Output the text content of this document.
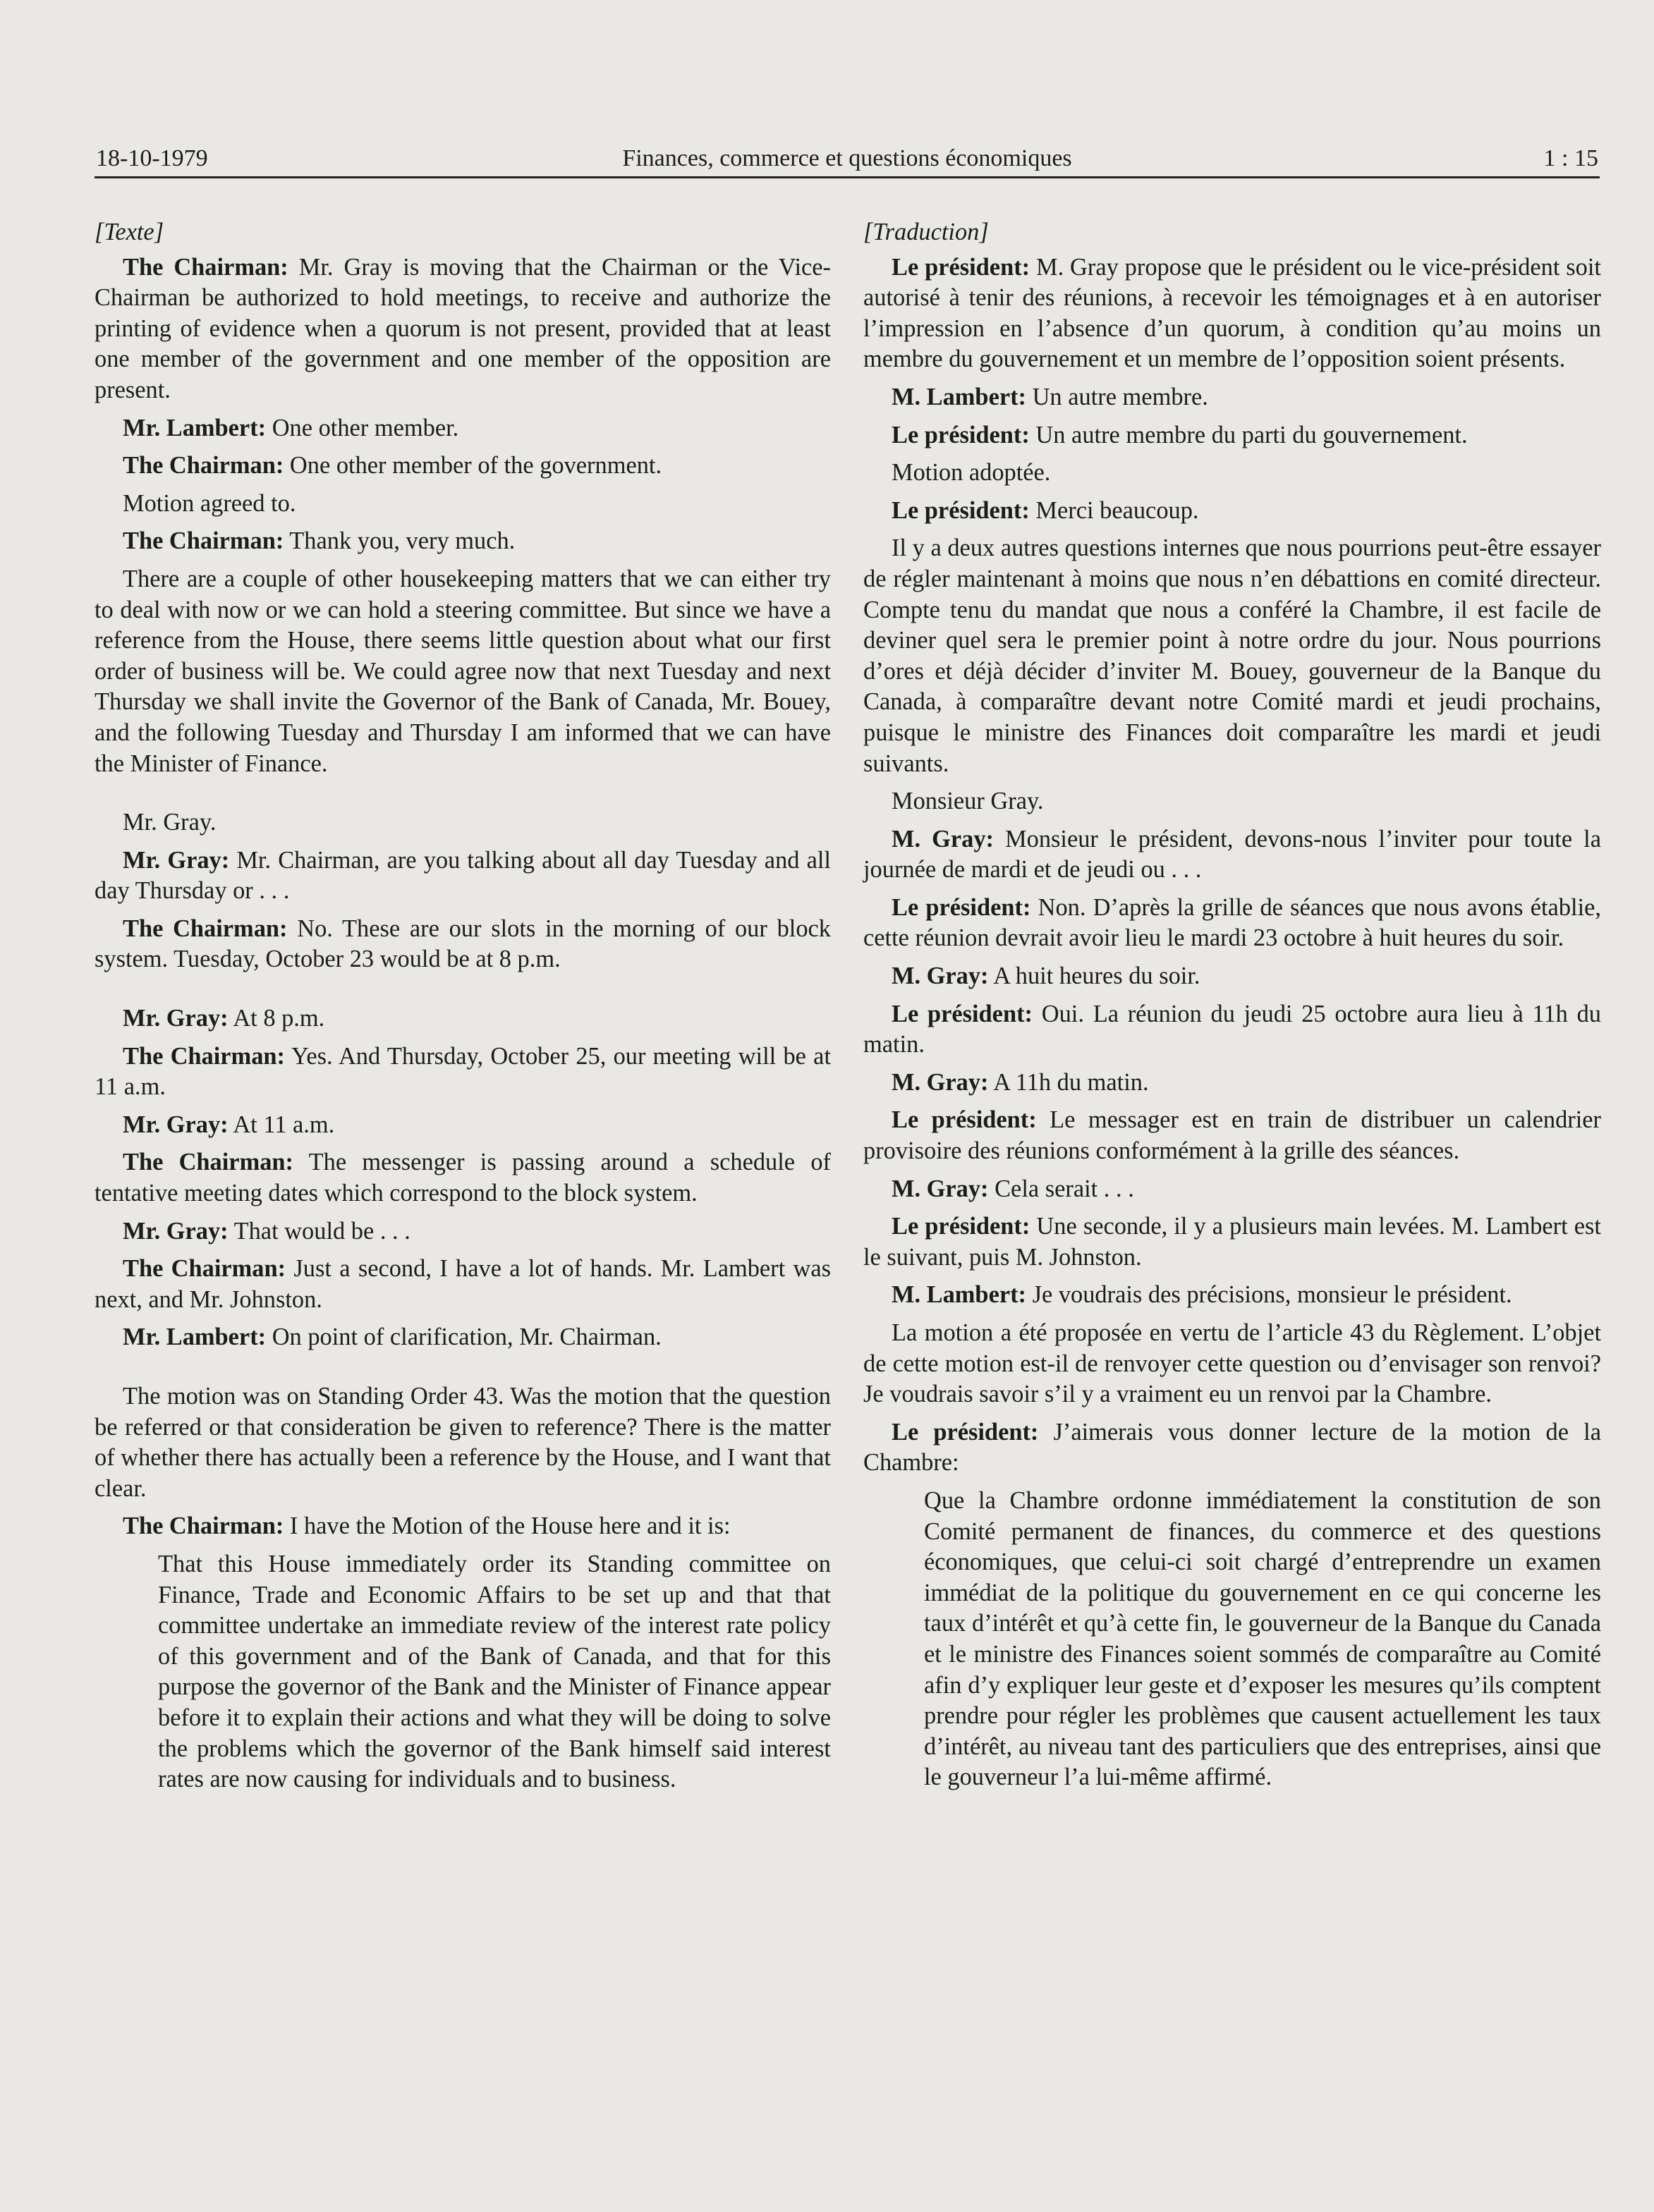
18-10-1979	Finances, commerce et questions économiques	1 : 15

[Texte]

The Chairman: Mr. Gray is moving that the Chairman or the Vice-Chairman be authorized to hold meetings, to receive and authorize the printing of evidence when a quorum is not present, provided that at least one member of the government and one member of the opposition are present.

Mr. Lambert: One other member.

The Chairman: One other member of the government.

Motion agreed to.

The Chairman: Thank you, very much.

There are a couple of other housekeeping matters that we can either try to deal with now or we can hold a steering committee. But since we have a reference from the House, there seems little question about what our first order of business will be. We could agree now that next Tuesday and next Thursday we shall invite the Governor of the Bank of Canada, Mr. Bouey, and the following Tuesday and Thursday I am informed that we can have the Minister of Finance.

Mr. Gray.

Mr. Gray: Mr. Chairman, are you talking about all day Tuesday and all day Thursday or . . .

The Chairman: No. These are our slots in the morning of our block system. Tuesday, October 23 would be at 8 p.m.

Mr. Gray: At 8 p.m.

The Chairman: Yes. And Thursday, October 25, our meeting will be at 11 a.m.

Mr. Gray: At 11 a.m.

The Chairman: The messenger is passing around a schedule of tentative meeting dates which correspond to the block system.

Mr. Gray: That would be . . .

The Chairman: Just a second, I have a lot of hands. Mr. Lambert was next, and Mr. Johnston.

Mr. Lambert: On point of clarification, Mr. Chairman.

The motion was on Standing Order 43. Was the motion that the question be referred or that consideration be given to reference? There is the matter of whether there has actually been a reference by the House, and I want that clear.

The Chairman: I have the Motion of the House here and it is:

That this House immediately order its Standing committee on Finance, Trade and Economic Affairs to be set up and that that committee undertake an immediate review of the interest rate policy of this government and of the Bank of Canada, and that for this purpose the governor of the Bank and the Minister of Finance appear before it to explain their actions and what they will be doing to solve the problems which the governor of the Bank himself said interest rates are now causing for individuals and to business.

[Traduction]

Le président: M. Gray propose que le président ou le vice-président soit autorisé à tenir des réunions, à recevoir les témoignages et à en autoriser l’impression en l’absence d’un quorum, à condition qu’au moins un membre du gouvernement et un membre de l’opposition soient présents.

M. Lambert: Un autre membre.

Le président: Un autre membre du parti du gouvernement.

Motion adoptée.

Le président: Merci beaucoup.

Il y a deux autres questions internes que nous pourrions peut-être essayer de régler maintenant à moins que nous n’en débattions en comité directeur. Compte tenu du mandat que nous a conféré la Chambre, il est facile de deviner quel sera le premier point à notre ordre du jour. Nous pourrions d’ores et déjà décider d’inviter M. Bouey, gouverneur de la Banque du Canada, à comparaître devant notre Comité mardi et jeudi prochains, puisque le ministre des Finances doit comparaître les mardi et jeudi suivants.

Monsieur Gray.

M. Gray: Monsieur le président, devons-nous l’inviter pour toute la journée de mardi et de jeudi ou . . .

Le président: Non. D’après la grille de séances que nous avons établie, cette réunion devrait avoir lieu le mardi 23 octobre à huit heures du soir.

M. Gray: A huit heures du soir.

Le président: Oui. La réunion du jeudi 25 octobre aura lieu à 11h du matin.

M. Gray: A 11h du matin.

Le président: Le messager est en train de distribuer un calendrier provisoire des réunions conformément à la grille des séances.

M. Gray: Cela serait . . .

Le président: Une seconde, il y a plusieurs main levées. M. Lambert est le suivant, puis M. Johnston.

M. Lambert: Je voudrais des précisions, monsieur le président.

La motion a été proposée en vertu de l’article 43 du Règlement. L’objet de cette motion est-il de renvoyer cette question ou d’envisager son renvoi? Je voudrais savoir s’il y a vraiment eu un renvoi par la Chambre.

Le président: J’aimerais vous donner lecture de la motion de la Chambre:

Que la Chambre ordonne immédiatement la constitution de son Comité permanent de finances, du commerce et des questions économiques, que celui-ci soit chargé d’entreprendre un examen immédiat de la politique du gouvernement en ce qui concerne les taux d’intérêt et qu’à cette fin, le gouverneur de la Banque du Canada et le ministre des Finances soient sommés de comparaître au Comité afin d’y expliquer leur geste et d’exposer les mesures qu’ils comptent prendre pour régler les problèmes que causent actuellement les taux d’intérêt, au niveau tant des particuliers que des entreprises, ainsi que le gouverneur l’a lui-même affirmé.
